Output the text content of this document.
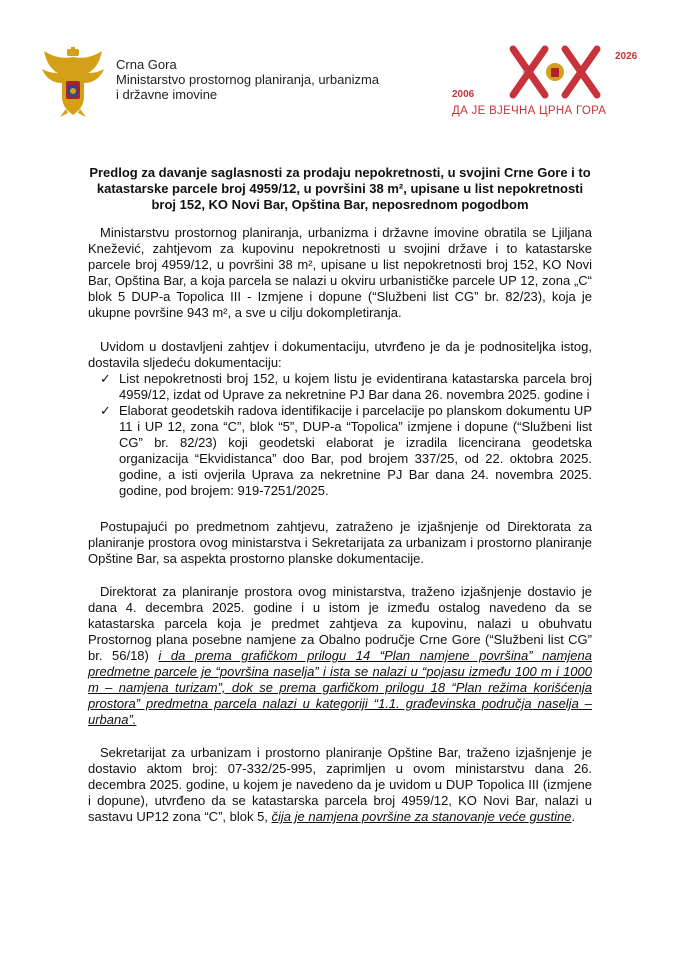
Crna Gora
Ministarstvo prostornog planiranja, urbanizma
i državne imovine
XX
2026
2006
ДА ЈЕ ВЈЕЧНА ЦРНА ГОРА
Predlog za davanje saglasnosti za prodaju nepokretnosti, u svojini Crne Gore i to katastarske parcele broj 4959/12, u površini 38 m², upisane u list nepokretnosti broj 152, KO Novi Bar, Opština Bar, neposrednom pogodbom
Ministarstvu prostornog planiranja, urbanizma i državne imovine obratila se Ljiljana Knežević, zahtjevom za kupovinu nepokretnosti u svojini države i to katastarske parcele broj 4959/12, u površini 38 m², upisane u list nepokretnosti broj 152, KO Novi Bar, Opština Bar, a koja parcela se nalazi u okviru urbanističke parcele UP 12, zona „C“ blok 5 DUP-a Topolica III - Izmjene i dopune (“Službeni list CG” br. 82/23), koja je ukupne površine 943 m², a sve u cilju dokompletiranja.
Uvidom u dostavljeni zahtjev i dokumentaciju, utvrđeno je da je podnositeljka istog, dostavila sljedeću dokumentaciju:
✓ List nepokretnosti broj 152, u kojem listu je evidentirana katastarska parcela broj 4959/12, izdat od Uprave za nekretnine PJ Bar dana 26. novembra 2025. godine i
✓ Elaborat geodetskih radova identifikacije i parcelacije po planskom dokumentu UP 11 i UP 12, zona “C”, blok “5”, DUP-a “Topolica” izmjene i dopune (“Službeni list CG” br. 82/23) koji geodetski elaborat je izradila licencirana geodetska organizacija “Ekvidistanca” doo Bar, pod brojem 337/25, od 22. oktobra 2025. godine, a isti ovjerila Uprava za nekretnine PJ Bar dana 24. novembra 2025. godine, pod brojem: 919-7251/2025.
Postupajući po predmetnom zahtjevu, zatraženo je izjašnjenje od Direktorata za planiranje prostora ovog ministarstva i Sekretarijata za urbanizam i prostorno planiranje Opštine Bar, sa aspekta prostorno planske dokumentacije.
Direktorat za planiranje prostora ovog ministarstva, traženo izjašnjenje dostavio je dana 4. decembra 2025. godine i u istom je između ostalog navedeno da se katastarska parcela koja je predmet zahtjeva za kupovinu, nalazi u obuhvatu Prostornog plana posebne namjene za Obalno područje Crne Gore (“Službeni list CG” br. 56/18) i da prema grafičkom prilogu 14 “Plan namjene površina” namjena predmetne parcele je “površina naselja” i ista se nalazi u “pojasu između 100 m i 1000 m – namjena turizam”, dok se prema garfičkom prilogu 18 “Plan režima korišćenja prostora” predmetna parcela nalazi u kategoriji “1.1. građevinska područja naselja – urbana”.
Sekretarijat za urbanizam i prostorno planiranje Opštine Bar, traženo izjašnjenje je dostavio aktom broj: 07-332/25-995, zaprimljen u ovom ministarstvu dana 26. decembra 2025. godine, u kojem je navedeno da je uvidom u DUP Topolica III (izmjene i dopune), utvrđeno da se katastarska parcela broj 4959/12, KO Novi Bar, nalazi u sastavu UP12 zona “C”, blok 5, čija je namjena površine za stanovanje veće gustine.
